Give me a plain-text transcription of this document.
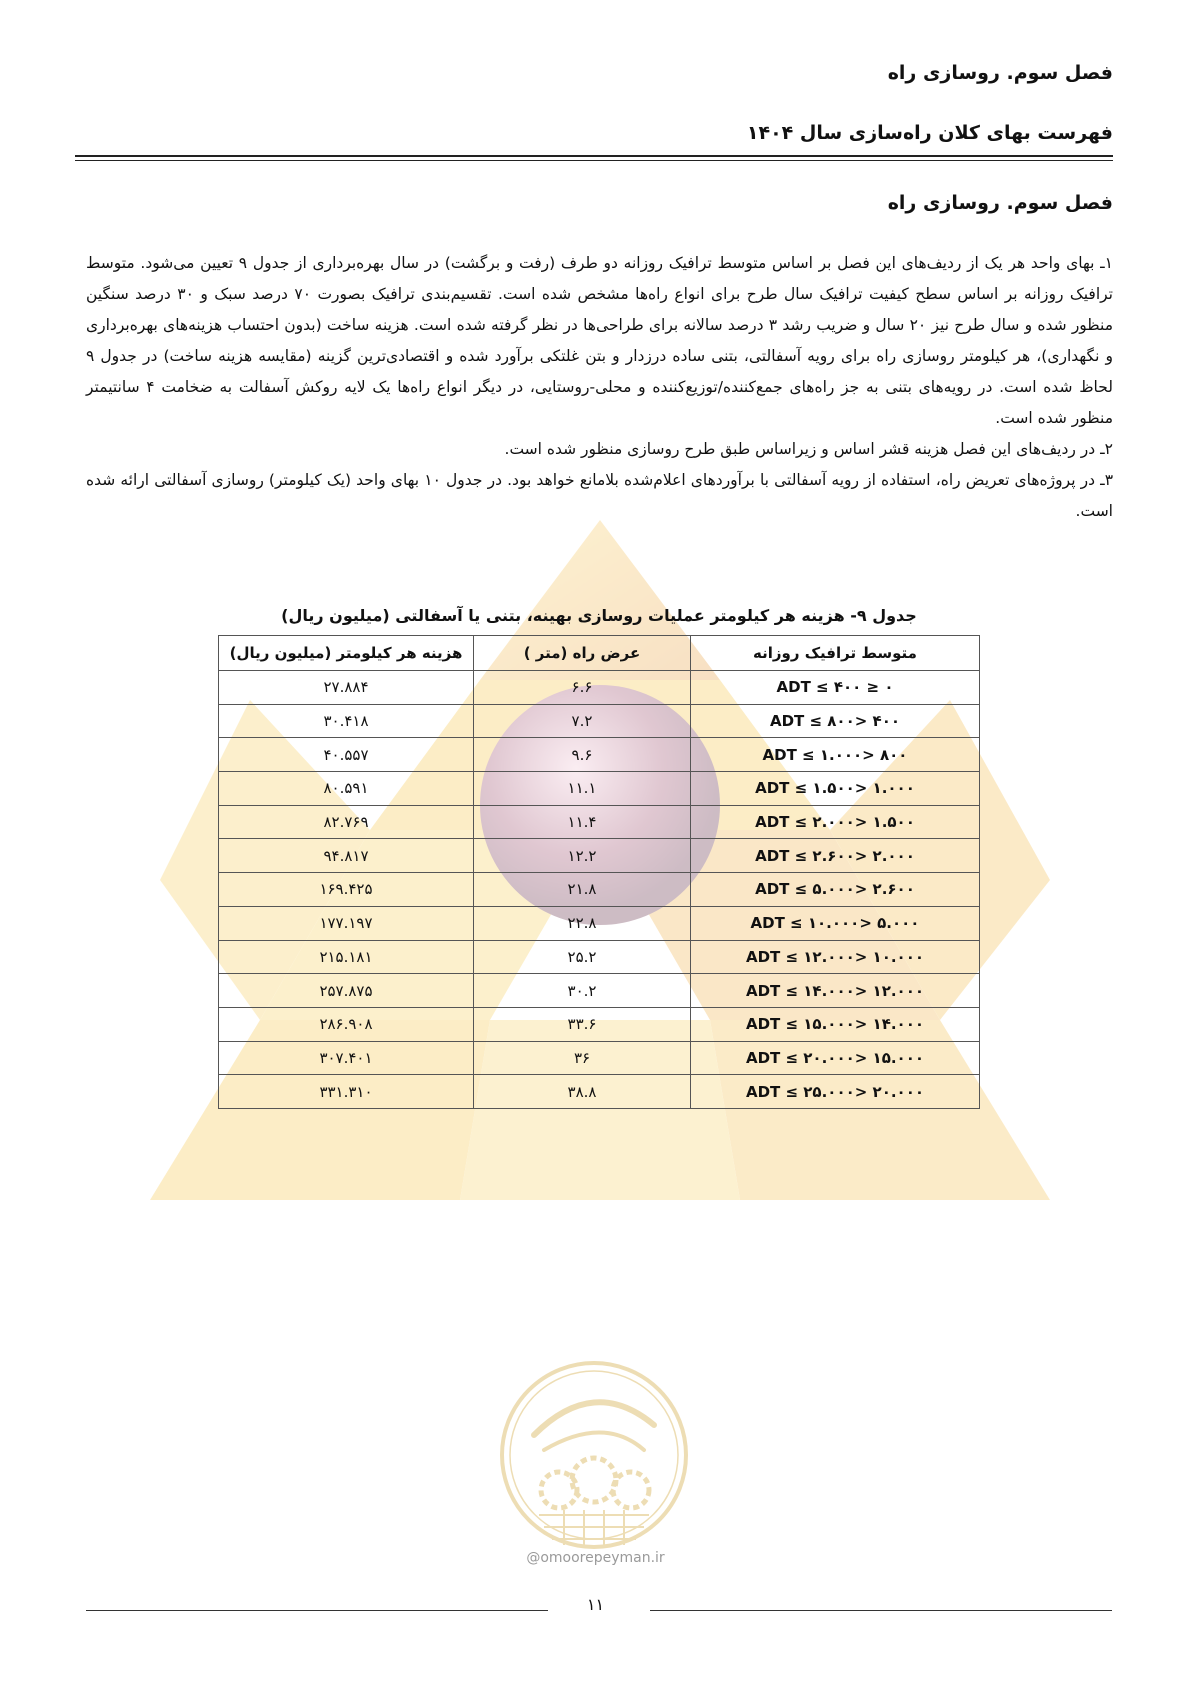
فصل سوم. روسازی راه
فهرست بهای کلان راه‌سازی سال ۱۴۰۴
فصل سوم. روسازی راه

۱ـ بهای واحد هر یک از ردیف‌های این فصل بر اساس متوسط ترافیک روزانه دو طرف (رفت و برگشت) در سال بهره‌برداری از جدول ۹ تعیین می‌شود. متوسط ترافیک روزانه بر اساس سطح کیفیت ترافیک سال طرح برای انواع راه‌ها مشخص شده است. تقسیم‌بندی ترافیک بصورت ۷۰ درصد سبک و ۳۰ درصد سنگین منظور شده و سال طرح نیز ۲۰ سال و ضریب رشد ۳ درصد سالانه برای طراحی‌ها در نظر گرفته شده است. هزینه ساخت (بدون احتساب هزینه‌های بهره‌برداری و نگهداری)، هر کیلومتر روسازی راه برای رویه آسفالتی، بتنی ساده درزدار و بتن غلتکی برآورد شده و اقتصادی‌ترین گزینه (مقایسه هزینه ساخت) در جدول ۹ لحاظ شده است. در رویه‌های بتنی به جز راه‌های جمع‌کننده/توزیع‌کننده و محلی-روستایی، در دیگر انواع راه‌ها یک لایه روکش آسفالت به ضخامت ۴ سانتیمتر منظور شده است.

۲ـ در ردیف‌های این فصل هزینه قشر اساس و زیراساس طبق طرح روسازی منظور شده است.

۳ـ در پروژه‌های تعریض راه، استفاده از رویه آسفالتی با برآوردهای اعلام‌شده بلامانع خواهد بود. در جدول ۱۰ بهای واحد (یک کیلومتر) روسازی آسفالتی ارائه شده است.

جدول ۹- هزینه هر کیلومتر عملیات روسازی بهینه، بتنی یا آسفالتی (میلیون ریال)
متوسط ترافیک روزانه	عرض راه (متر )	هزینه هر کیلومتر (میلیون ریال)
۰ ≤ ADT ≤ ۴۰۰	۶.۶	۲۷.۸۸۴
۴۰۰ <ADT ≤ ۸۰۰	۷.۲	۳۰.۴۱۸
۸۰۰ <ADT ≤ ۱.۰۰۰	۹.۶	۴۰.۵۵۷
۱.۰۰۰ <ADT ≤ ۱.۵۰۰	۱۱.۱	۸۰.۵۹۱
۱.۵۰۰ <ADT ≤ ۲.۰۰۰	۱۱.۴	۸۲.۷۶۹
۲.۰۰۰ <ADT ≤ ۲.۶۰۰	۱۲.۲	۹۴.۸۱۷
۲.۶۰۰ <ADT ≤ ۵.۰۰۰	۲۱.۸	۱۶۹.۴۲۵
۵.۰۰۰ <ADT ≤ ۱۰.۰۰۰	۲۲.۸	۱۷۷.۱۹۷
۱۰.۰۰۰ <ADT ≤ ۱۲.۰۰۰	۲۵.۲	۲۱۵.۱۸۱
۱۲.۰۰۰ <ADT ≤ ۱۴.۰۰۰	۳۰.۲	۲۵۷.۸۷۵
۱۴.۰۰۰ <ADT ≤ ۱۵.۰۰۰	۳۳.۶	۲۸۶.۹۰۸
۱۵.۰۰۰ <ADT ≤ ۲۰.۰۰۰	۳۶	۳۰۷.۴۰۱
۲۰.۰۰۰ <ADT ≤ ۲۵.۰۰۰	۳۸.۸	۳۳۱.۳۱۰
@omoorepeyman.ir
۱۱
